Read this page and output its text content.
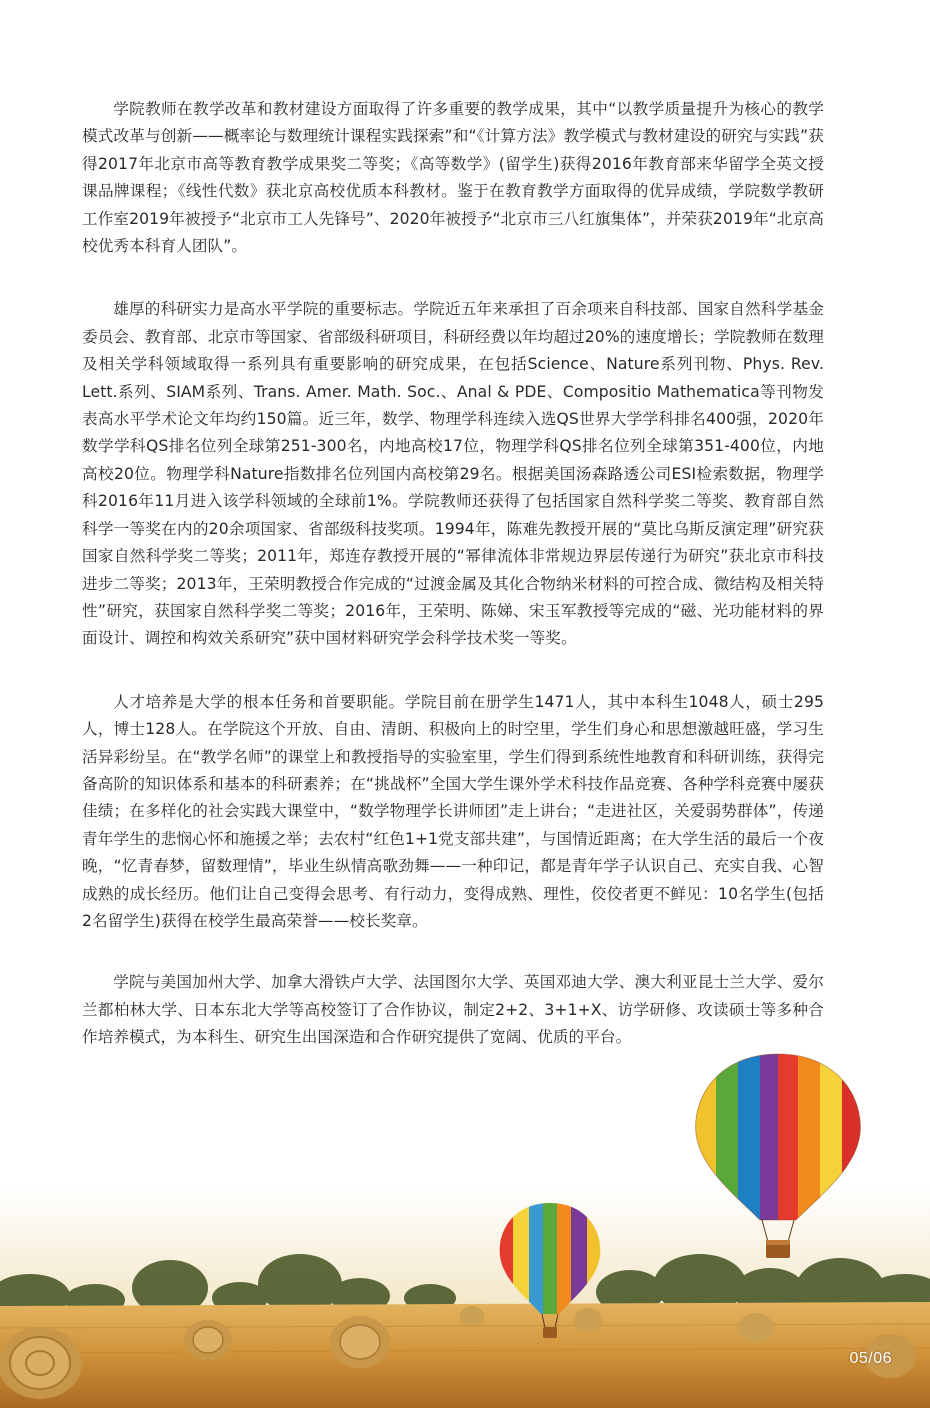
学院教师在教学改革和教材建设方面取得了许多重要的教学成果，其中“以教学质量提升为核心的教学模式改革与创新——概率论与数理统计课程实践探索”和“《计算方法》教学模式与教材建设的研究与实践”获得2017年北京市高等教育教学成果奖二等奖；《高等数学》(留学生)获得2016年教育部来华留学全英文授课品牌课程；《线性代数》获北京高校优质本科教材。鉴于在教育教学方面取得的优异成绩，学院数学教研工作室2019年被授予“北京市工人先锋号”、2020年被授予“北京市三八红旗集体”，并荣获2019年“北京高校优秀本科育人团队”。

雄厚的科研实力是高水平学院的重要标志。学院近五年来承担了百余项来自科技部、国家自然科学基金委员会、教育部、北京市等国家、省部级科研项目，科研经费以年均超过20%的速度增长；学院教师在数理及相关学科领域取得一系列具有重要影响的研究成果，在包括Science、Nature系列刊物、Phys. Rev. Lett.系列、SIAM系列、Trans. Amer. Math. Soc.、Anal & PDE、Compositio Mathematica等刊物发表高水平学术论文年均约150篇。近三年，数学、物理学科连续入选QS世界大学学科排名400强，2020年数学学科QS排名位列全球第251-300名，内地高校17位，物理学科QS排名位列全球第351-400位，内地高校20位。物理学科Nature指数排名位列国内高校第29名。根据美国汤森路透公司ESI检索数据，物理学科2016年11月进入该学科领域的全球前1%。学院教师还获得了包括国家自然科学奖二等奖、教育部自然科学一等奖在内的20余项国家、省部级科技奖项。1994年，陈难先教授开展的“莫比乌斯反演定理”研究获国家自然科学奖二等奖；2011年，郑连存教授开展的“幂律流体非常规边界层传递行为研究”获北京市科技进步二等奖；2013年，王荣明教授合作完成的“过渡金属及其化合物纳米材料的可控合成、微结构及相关特性”研究，获国家自然科学奖二等奖；2016年，王荣明、陈娣、宋玉军教授等完成的“磁、光功能材料的界面设计、调控和构效关系研究”获中国材料研究学会科学技术奖一等奖。

人才培养是大学的根本任务和首要职能。学院目前在册学生1471人，其中本科生1048人，硕士295人，博士128人。在学院这个开放、自由、清朗、积极向上的时空里，学生们身心和思想激越旺盛，学习生活异彩纷呈。在“教学名师”的课堂上和教授指导的实验室里，学生们得到系统性地教育和科研训练，获得完备高阶的知识体系和基本的科研素养；在“挑战杯”全国大学生课外学术科技作品竞赛、各种学科竞赛中屡获佳绩；在多样化的社会实践大课堂中，“数学物理学长讲师团”走上讲台；“走进社区，关爱弱势群体”，传递青年学生的悲悯心怀和施援之举；去农村“红色1+1党支部共建”，与国情近距离；在大学生活的最后一个夜晚，“忆青春梦，留数理情”，毕业生纵情高歌劲舞——一种印记，都是青年学子认识自己、充实自我、心智成熟的成长经历。他们让自己变得会思考、有行动力，变得成熟、理性，佼佼者更不鲜见：10名学生(包括2名留学生)获得在校学生最高荣誉——校长奖章。

学院与美国加州大学、加拿大滑铁卢大学、法国图尔大学、英国邓迪大学、澳大利亚昆士兰大学、爱尔兰都柏林大学、日本东北大学等高校签订了合作协议，制定2+2、3+1+X、访学研修、攻读硕士等多种合作培养模式，为本科生、研究生出国深造和合作研究提供了宽阔、优质的平台。

05/06
